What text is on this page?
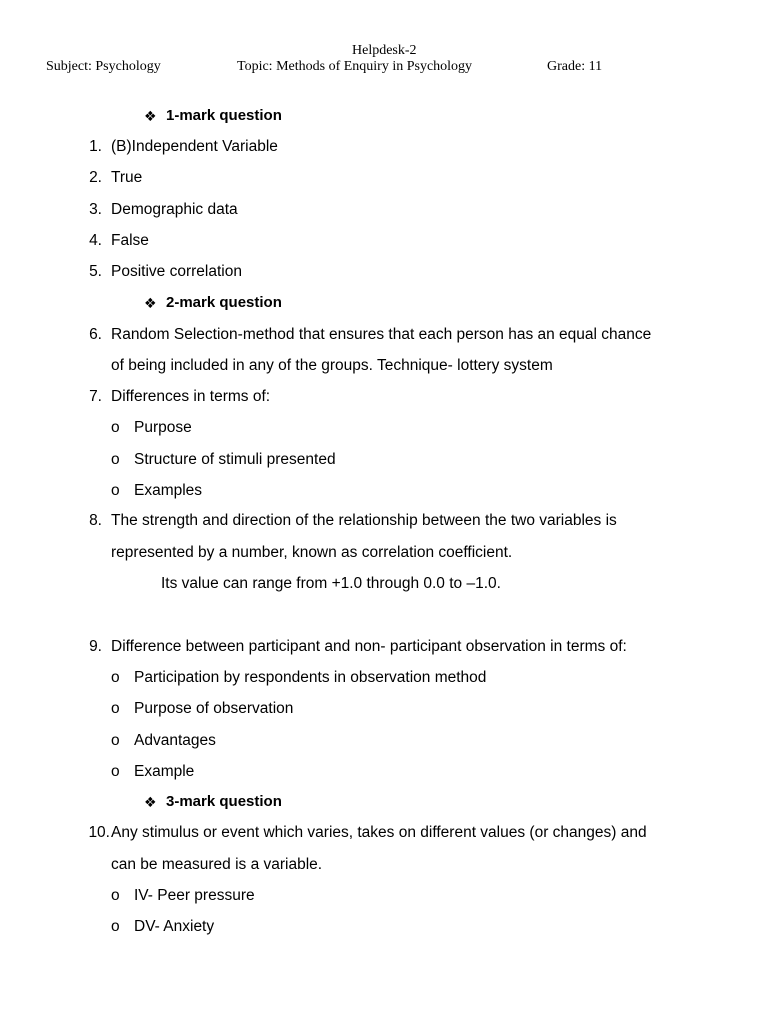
Helpdesk-2
Subject: Psychology	Topic: Methods of Enquiry in Psychology	Grade: 11
❖ 1-mark question
1. (B)Independent Variable
2. True
3. Demographic data
4. False
5. Positive correlation
❖ 2-mark question
6. Random Selection-method that ensures that each person has an equal chance
of being included in any of the groups. Technique- lottery system
7. Differences in terms of:
o Purpose
o Structure of stimuli presented
o Examples
8. The strength and direction of the relationship between the two variables is
represented by a number, known as correlation coefficient.
Its value can range from +1.0 through 0.0 to –1.0.
9. Difference between participant and non- participant observation in terms of:
o Participation by respondents in observation method
o Purpose of observation
o Advantages
o Example
❖ 3-mark question
10. Any stimulus or event which varies, takes on different values (or changes) and
can be measured is a variable.
o IV- Peer pressure
o DV- Anxiety
